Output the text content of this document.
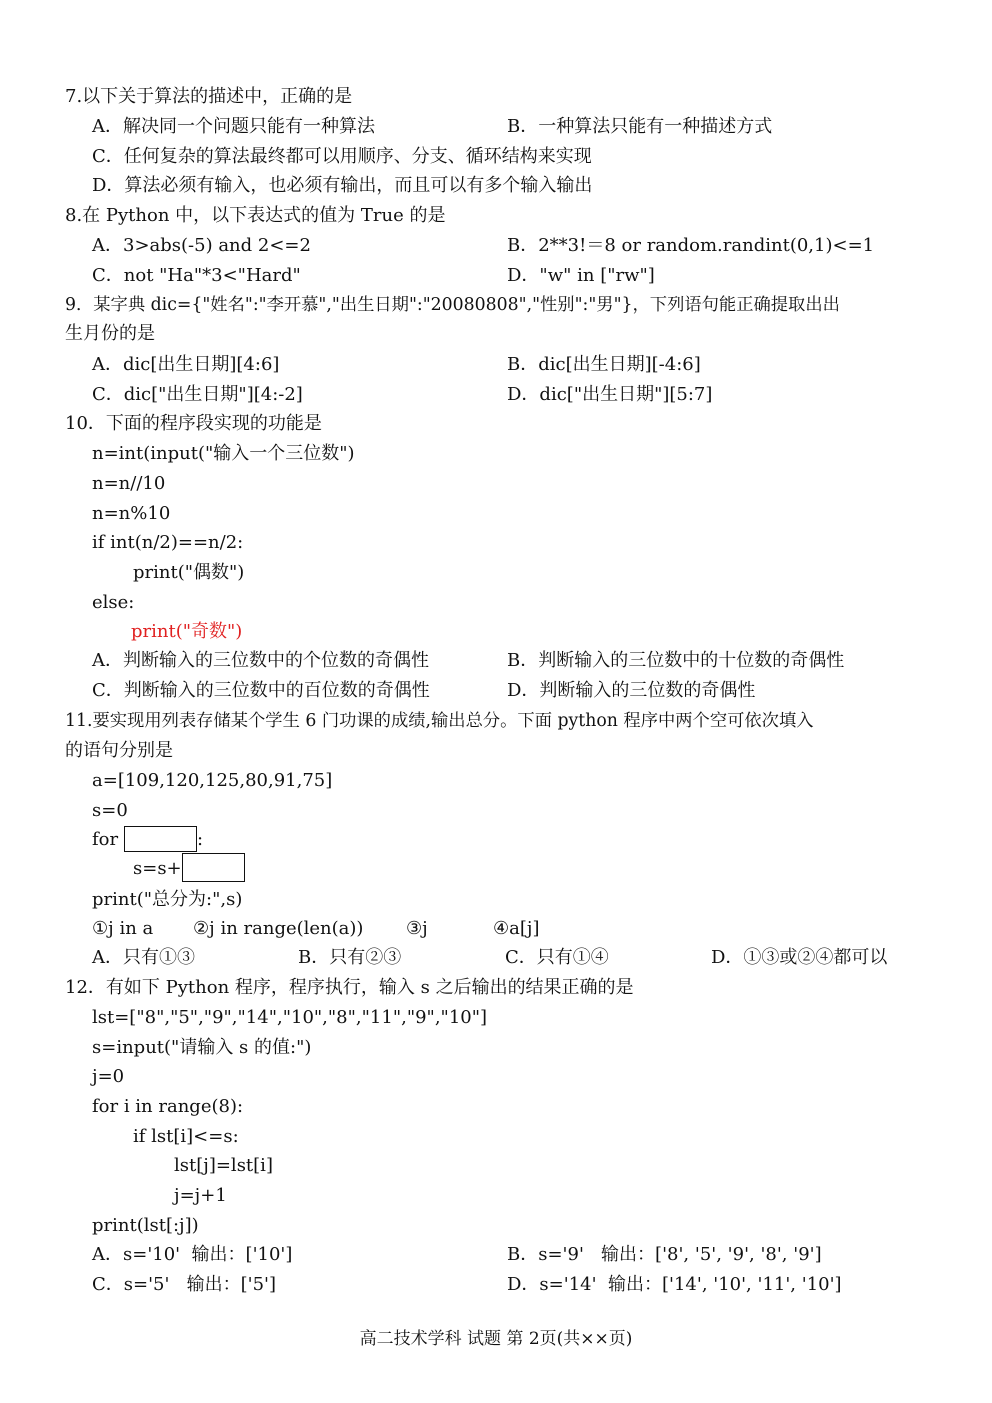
7.以下关于算法的描述中，正确的是
A．解决同一个问题只能有一种算法	B．一种算法只能有一种描述方式
C．任何复杂的算法最终都可以用顺序、分支、循环结构来实现
D．算法必须有输入，也必须有输出，而且可以有多个输入输出
8.在 Python 中，以下表达式的值为 True 的是
A．3>abs(-5) and 2<=2	B．2**3!＝8 or random.randint(0,1)<=1
C．not "Ha"*3<"Hard"	D．"w" in ["rw"]
9．某字典 dic={"姓名":"李开慕","出生日期":"20080808","性别":"男"}，下列语句能正确提取出出
生月份的是
A．dic[出生日期][4:6]	B．dic[出生日期][-4:6]
C．dic["出生日期"][4:-2]	D．dic["出生日期"][5:7]
10．下面的程序段实现的功能是
n=int(input("输入一个三位数")
n=n//10
n=n%10
if int(n/2)==n/2:
print("偶数")
else:
print("奇数")
A．判断输入的三位数中的个位数的奇偶性	B．判断输入的三位数中的十位数的奇偶性
C．判断输入的三位数中的百位数的奇偶性	D．判断输入的三位数的奇偶性
11.要实现用列表存储某个学生 6 门功课的成绩,输出总分。下面 python 程序中两个空可依次填入
的语句分别是
a=[109,120,125,80,91,75]
s=0
for	:
s=s+
print("总分为:",s)
①j in a ②j in range(len(a)) ③j	④a[j]
A．只有①③	B．只有②③	C．只有①④	D．①③或②④都可以
12．有如下 Python 程序，程序执行，输入 s 之后输出的结果正确的是
lst=["8","5","9","14","10","8","11","9","10"]
s=input("请输入 s 的值:")
j=0
for i in range(8):
if lst[i]<=s:
lst[j]=lst[i]
j=j+1
print(lst[:j])
A．s='10'  输出：['10']	B．s='9'   输出：['8', '5', '9', '8', '9']
C．s='5'   输出：['5']	D．s='14'  输出：['14', '10', '11', '10']
高二技术学科 试题 第 2页(共××页)
